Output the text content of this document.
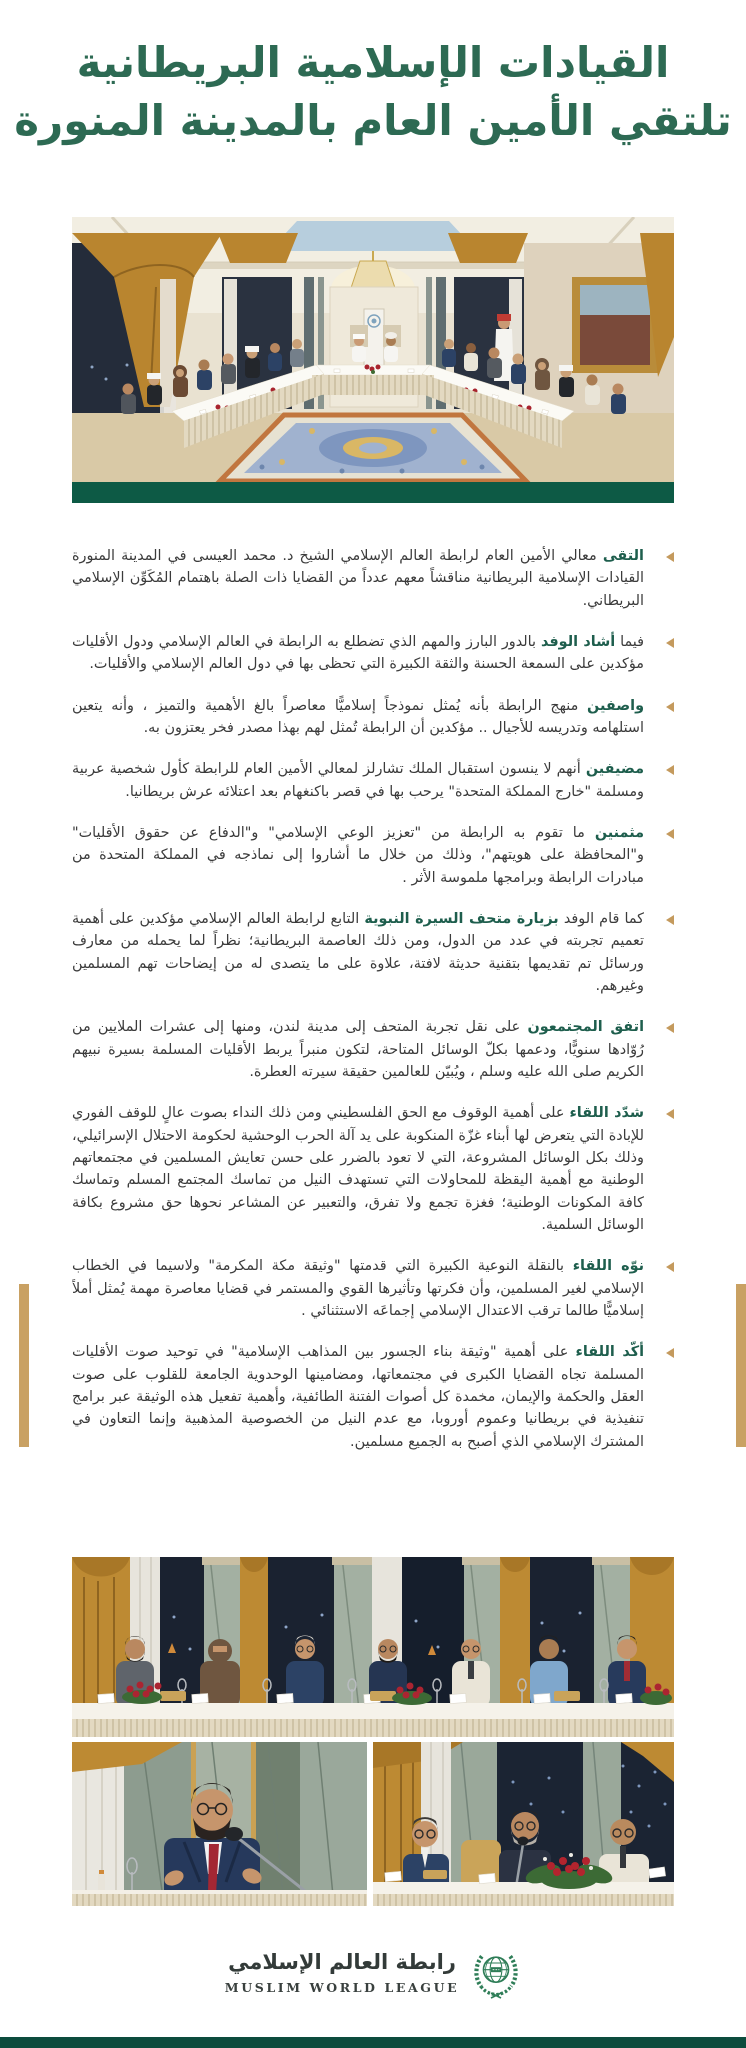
القيادات الإسلامية البريطانية
تلتقي الأمين العام بالمدينة المنورة

التقى معالي الأمين العام لرابطة العالم الإسلامي الشيخ د. محمد العيسى في المدينة المنورة القيادات الإسلامية البريطانية مناقشاً معهم عدداً من القضايا ذات الصلة باهتمام المُكَوِّن الإسلامي البريطاني.

فيما أشاد الوفد بالدور البارز والمهم الذي تضطلع به الرابطة في العالم الإسلامي ودول الأقليات مؤكدين على السمعة الحسنة والثقة الكبيرة التي تحظى بها في دول العالم الإسلامي والأقليات.

واصفين منهج الرابطة بأنه يُمثل نموذجاً إسلاميًّا معاصراً بالغ الأهمية والتميز ، وأنه يتعين استلهامه وتدريسه للأجيال .. مؤكدين أن الرابطة تُمثل لهم بهذا مصدر فخر يعتزون به.

مضيفين أنهم لا ينسون استقبال الملك تشارلز لمعالي الأمين العام للرابطة كأول شخصية عربية ومسلمة "خارج المملكة المتحدة" يرحب بها في قصر باكنغهام بعد اعتلائه عرش بريطانيا.

مثمنين ما تقوم به الرابطة من "تعزيز الوعي الإسلامي" و"الدفاع عن حقوق الأقليات" و"المحافظة على هويتهم"، وذلك من خلال ما أشاروا إلى نماذجه في المملكة المتحدة من مبادرات الرابطة وبرامجها ملموسة الأثر .

كما قام الوفد بزيارة متحف السيرة النبوية التابع لرابطة العالم الإسلامي مؤكدين على أهمية تعميم تجربته في عدد من الدول، ومن ذلك العاصمة البريطانية؛ نظراً لما يحمله من معارف ورسائل تم تقديمها بتقنية حديثة لافتة، علاوة على ما يتصدى له من إيضاحات تهم المسلمين وغيرهم.

اتفق المجتمعون على نقل تجربة المتحف إلى مدينة لندن، ومنها إلى عشرات الملايين من رُوّادها سنويًّا، ودعمها بكلّ الوسائل المتاحة، لتكون منبراً يربط الأقليات المسلمة بسيرة نبيهم الكريم صلى الله عليه وسلم ، ويُبيّن للعالمين حقيقة سيرته العطرة.

شدّد اللقاء على أهمية الوقوف مع الحق الفلسطيني ومن ذلك النداء بصوت عالٍ للوقف الفوري للإبادة التي يتعرض لها أبناء غزّة المنكوبة على يد آلة الحرب الوحشية لحكومة الاحتلال الإسرائيلي، وذلك بكل الوسائل المشروعة، التي لا تعود بالضرر على حسن تعايش المسلمين في مجتمعاتهم الوطنية مع أهمية اليقظة للمحاولات التي تستهدف النيل من تماسك المجتمع المسلم وتماسك كافة المكونات الوطنية؛ فغزة تجمع ولا تفرق، والتعبير عن المشاعر نحوها حق مشروع بكافة الوسائل السلمية.

نوّه اللقاء بالنقلة النوعية الكبيرة التي قدمتها "وثيقة مكة المكرمة" ولاسيما في الخطاب الإسلامي لغير المسلمين، وأن فكرتها وتأثيرها القوي والمستمر في قضايا معاصرة مهمة يُمثل أملاً إسلاميًّا طالما ترقب الاعتدال الإسلامي إجماعَه الاستثنائي .

أكّد اللقاء على أهمية "وثيقة بناء الجسور بين المذاهب الإسلامية" في توحيد صوت الأقليات المسلمة تجاه القضايا الكبرى في مجتمعاتها، ومضامينها الوحدوية الجامعة للقلوب على صوت العقل والحكمة والإيمان، مخمدة كل أصوات الفتنة الطائفية، وأهمية تفعيل هذه الوثيقة عبر برامج تنفيذية في بريطانيا وعموم أوروبا، مع عدم النيل من الخصوصية المذهبية وإنما التعاون في المشترك الإسلامي الذي أصبح به الجميع مسلمين.

رابطة العالم الإسلامي
MUSLIM WORLD LEAGUE
